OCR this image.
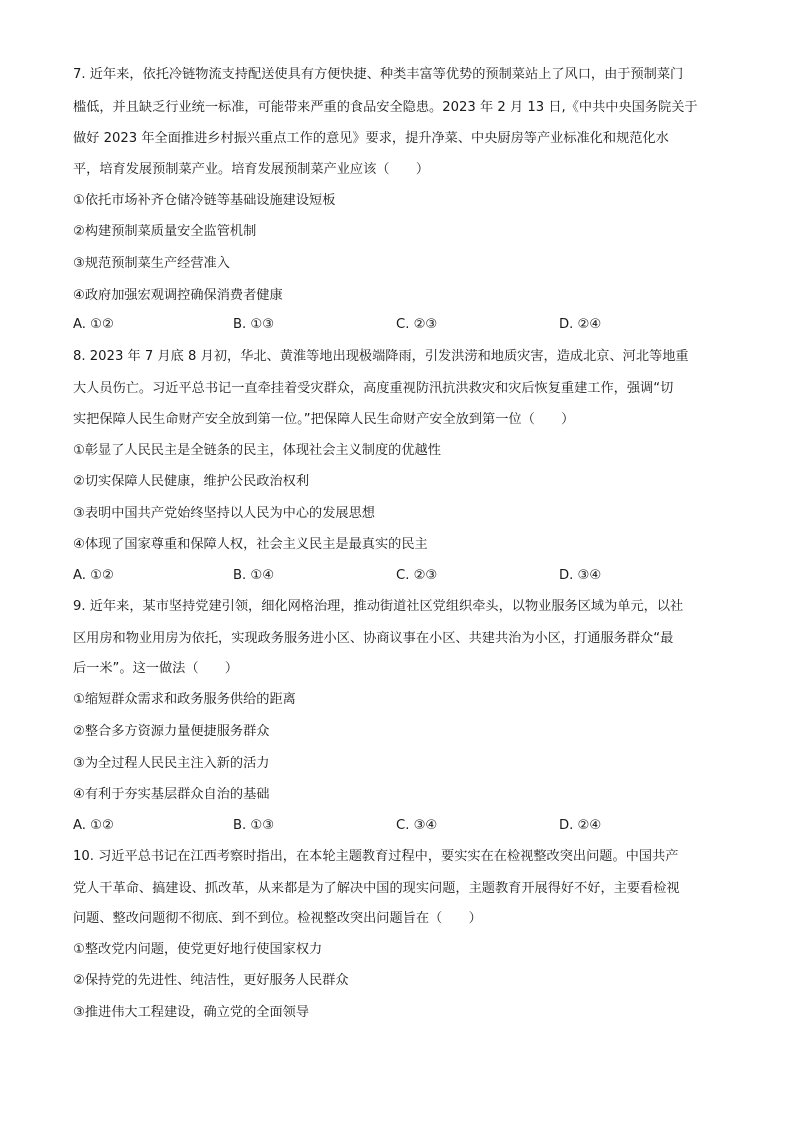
7. 近年来，依托冷链物流支持配送使具有方便快捷、种类丰富等优势的预制菜站上了风口，由于预制菜门
槛低，并且缺乏行业统一标准，可能带来严重的食品安全隐患。2023 年 2 月 13 日,《中共中央国务院关于
做好 2023 年全面推进乡村振兴重点工作的意见》要求，提升净菜、中央厨房等产业标准化和规范化水
平，培育发展预制菜产业。培育发展预制菜产业应该（　　）
①依托市场补齐仓储冷链等基础设施建设短板
②构建预制菜质量安全监管机制
③规范预制菜生产经营准入
④政府加强宏观调控确保消费者健康
A. ①②	B. ①③	C. ②③	D. ②④
8. 2023 年 7 月底 8 月初，华北、黄淮等地出现极端降雨，引发洪涝和地质灾害，造成北京、河北等地重
大人员伤亡。习近平总书记一直牵挂着受灾群众，高度重视防汛抗洪救灾和灾后恢复重建工作，强调“切
实把保障人民生命财产安全放到第一位。”把保障人民生命财产安全放到第一位（　　）
①彰显了人民民主是全链条的民主，体现社会主义制度的优越性
②切实保障人民健康，维护公民政治权利
③表明中国共产党始终坚持以人民为中心的发展思想
④体现了国家尊重和保障人权，社会主义民主是最真实的民主
A. ①②	B. ①④	C. ②③	D. ③④
9. 近年来，某市坚持党建引领，细化网格治理，推动街道社区党组织牵头，以物业服务区域为单元，以社
区用房和物业用房为依托，实现政务服务进小区、协商议事在小区、共建共治为小区，打通服务群众“最
后一米”。这一做法（　　）
①缩短群众需求和政务服务供给的距离
②整合多方资源力量便捷服务群众
③为全过程人民民主注入新的活力
④有利于夯实基层群众自治的基础
A. ①②	B. ①③	C. ③④	D. ②④
10. 习近平总书记在江西考察时指出，在本轮主题教育过程中，要实实在在检视整改突出问题。中国共产
党人干革命、搞建设、抓改革，从来都是为了解决中国的现实问题，主题教育开展得好不好，主要看检视
问题、整改问题彻不彻底、到不到位。检视整改突出问题旨在（　　）
①整改党内问题，使党更好地行使国家权力
②保持党的先进性、纯洁性，更好服务人民群众
③推进伟大工程建设，确立党的全面领导
